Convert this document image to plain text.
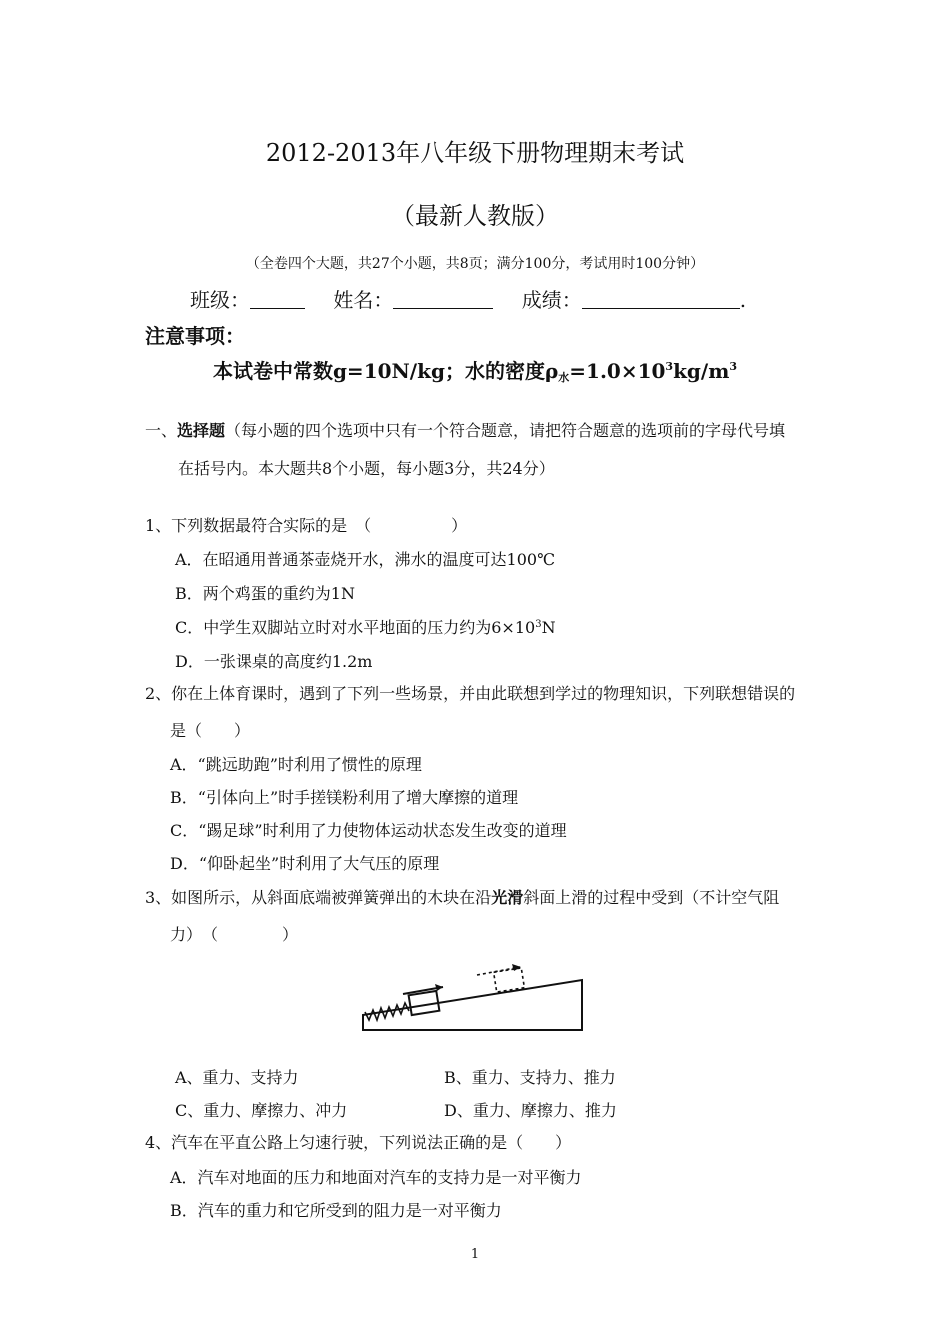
2012-2013年八年级下册物理期末考试
（最新人教版）
（全卷四个大题，共27个小题，共8页；满分100分，考试用时100分钟）
班级：	姓名：	成绩：	.
注意事项：
本试卷中常数g=10N/kg；水的密度$\rho_水=1.0\times 10^3kg/m^3$
一、选择题（每小题的四个选项中只有一个符合题意，请把符合题意的选项前的字母代号填
在括号内。本大题共8个小题，每小题3分，共24分）
1、下列数据最符合实际的是　（　　　　　）
A．在昭通用普通茶壶烧开水，沸水的温度可达100℃
B．两个鸡蛋的重约为1N
C．中学生双脚站立时对水平地面的压力约为$6\times 10^3N$
D．一张课桌的高度约1.2m
2、你在上体育课时，遇到了下列一些场景，并由此联想到学过的物理知识，下列联想错误的
是（　　）
A．“跳远助跑”时利用了惯性的原理
B．“引体向上”时手搓镁粉利用了增大摩擦的道理
C．“踢足球”时利用了力使物体运动状态发生改变的道理
D．“仰卧起坐”时利用了大气压的原理
3、如图所示，从斜面底端被弹簧弹出的木块在沿光滑斜面上滑的过程中受到（不计空气阻
力）　（　　　　）
A、重力、支持力	B、重力、支持力、推力
C、重力、摩擦力、冲力	D、重力、摩擦力、推力
4、汽车在平直公路上匀速行驶，下列说法正确的是（　　）
A．汽车对地面的压力和地面对汽车的支持力是一对平衡力
B．汽车的重力和它所受到的阻力是一对平衡力
1
